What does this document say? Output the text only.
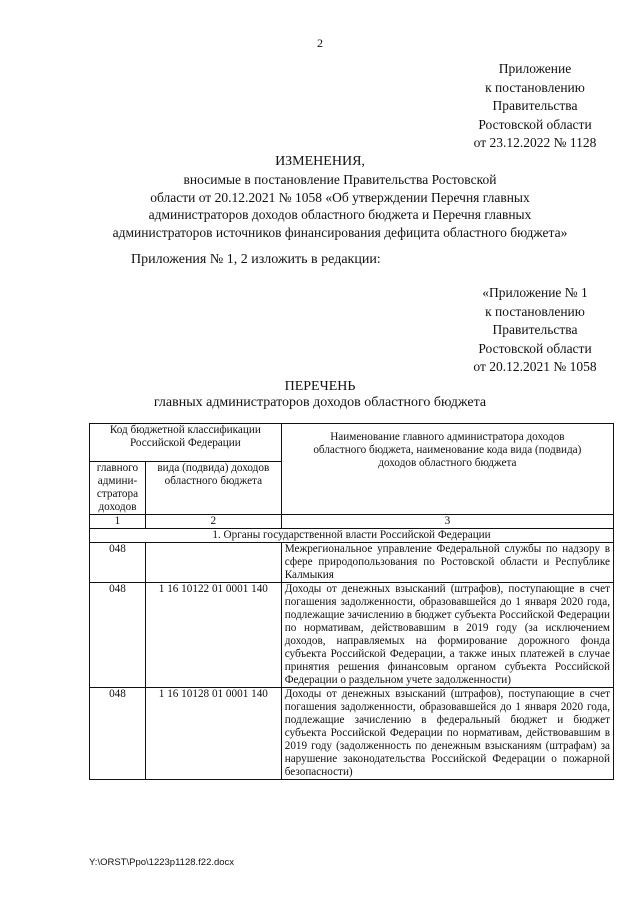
2
Приложение
к постановлению
Правительства
Ростовской области
от 23.12.2022 № 1128
ИЗМЕНЕНИЯ,
вносимые в постановление Правительства Ростовской
области от 20.12.2021 № 1058 «Об утверждении Перечня главных
администраторов доходов областного бюджета и Перечня главных
администраторов источников финансирования дефицита областного бюджета»
Приложения № 1, 2 изложить в редакции:
«Приложение № 1
к постановлению
Правительства
Ростовской области
от 20.12.2021 № 1058
ПЕРЕЧЕНЬ
главных администраторов доходов областного бюджета
Код бюджетной классификации Российской Федерации		Наименование главного администратора доходов областного бюджета, наименование кода вида (подвида) доходов областного бюджета
главного админи-стратора доходов	вида (подвида) доходов областного бюджета	
1	2	3
1. Органы государственной власти Российской Федерации		
048		Межрегиональное управление Федеральной службы по надзору в сфере природопользования по Ростовской области и Республике Калмыкия
048	1 16 10122 01 0001 140	Доходы от денежных взысканий (штрафов), поступающие в счет погашения задолженности, образовавшейся до 1 января 2020 года, подлежащие зачислению в бюджет субъекта Российской Федерации по нормативам, действовавшим в 2019 году (за исключением доходов, направляемых на формирование дорожного фонда субъекта Российской Федерации, а также иных платежей в случае принятия решения финансовым органом субъекта Российской Федерации о раздельном учете задолженности)
048	1 16 10128 01 0001 140	Доходы от денежных взысканий (штрафов), поступающие в счет погашения задолженности, образовавшейся до 1 января 2020 года, подлежащие зачислению в федеральный бюджет и бюджет субъекта Российской Федерации по нормативам, действовавшим в 2019 году (задолженность по денежным взысканиям (штрафам) за нарушение законодательства Российской Федерации о пожарной безопасности)
Y:\ORST\Ppo\1223p1128.f22.docx
